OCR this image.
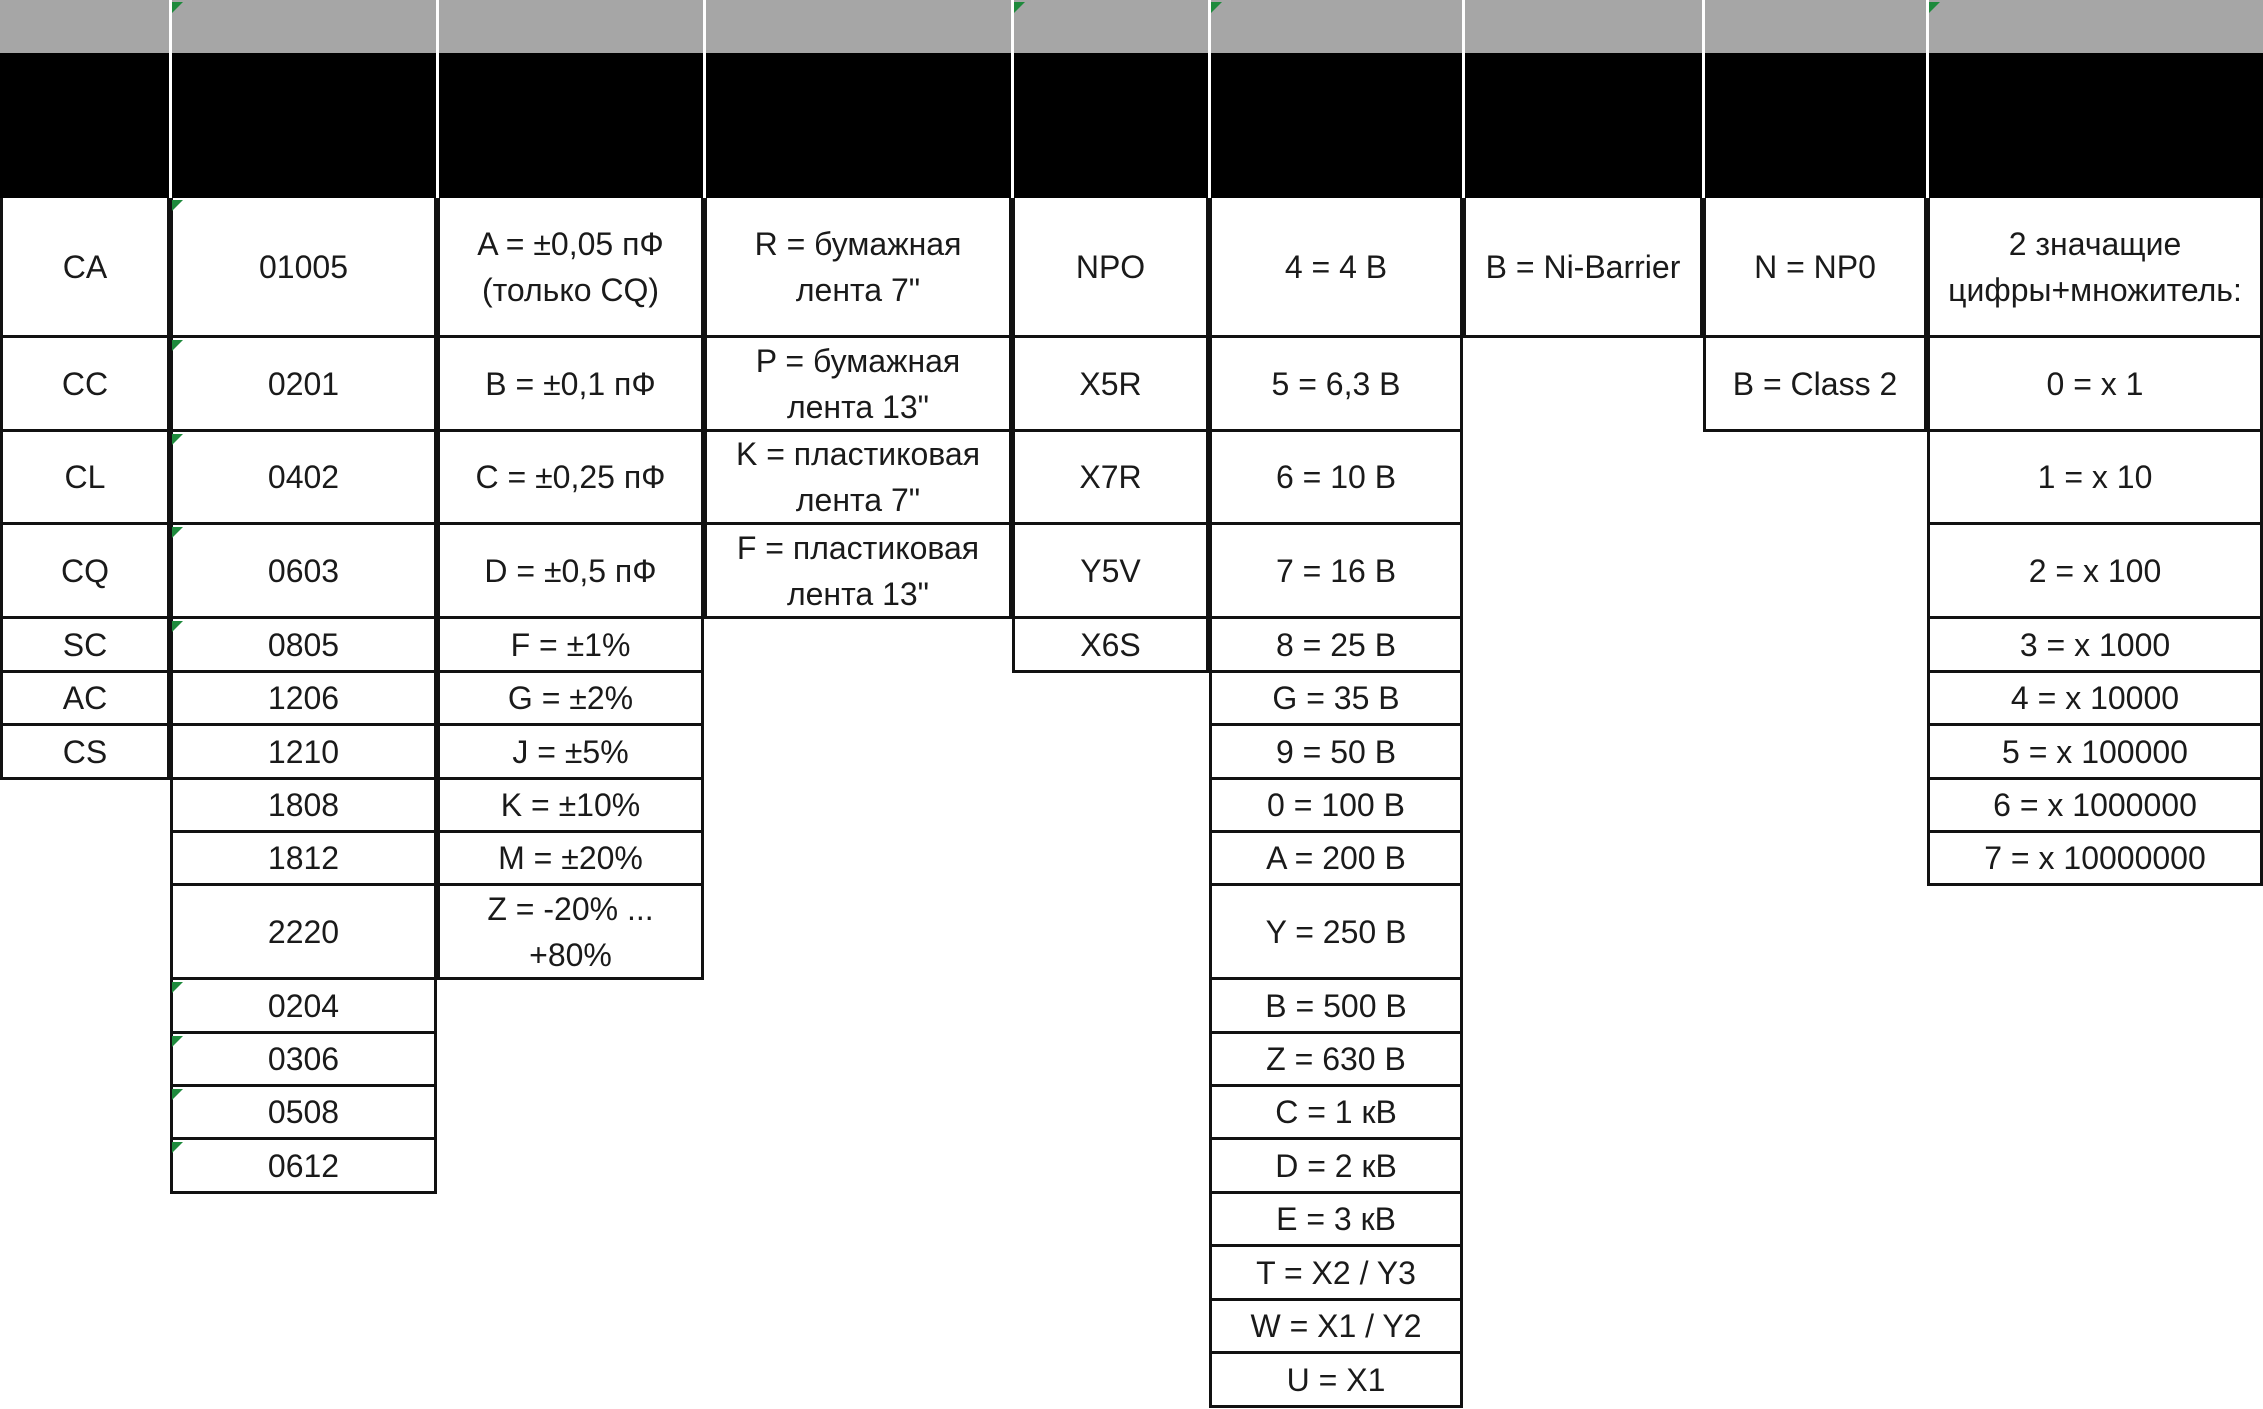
CA
CC
CL
CQ
SC
AC
CS
01005
0201
0402
0603
0805
1206
1210
1808
1812
2220
0204
0306
0508
0612
A = ±0,05 пФ
(только CQ)
B = ±0,1 пФ
C = ±0,25 пФ
D = ±0,5 пФ
F = ±1%
G = ±2%
J = ±5%
K = ±10%
M = ±20%
Z = -20% ...
+80%
R = бумажная
лента 7"
P = бумажная
лента 13"
K = пластиковая
лента 7"
F = пластиковая
лента 13"
NPO
X5R
X7R
Y5V
X6S
4 = 4 В
5 = 6,3 В
6 = 10 В
7 = 16 В
8 = 25 В
G = 35 В
9 = 50 В
0 = 100 В
A = 200 В
Y = 250 В
B = 500 В
Z = 630 В
C = 1 кВ
D = 2 кВ
E = 3 кВ
T = X2 / Y3
W = X1 / Y2
U = X1
B = Ni-Barrier	N = NP0
B = Class 2
2 значащие
цифры+множитель:
0 = x 1
1 = x 10
2 = x 100
3 = x 1000
4 = x 10000
5 = x 100000
6 = x 1000000
7 = x 10000000
